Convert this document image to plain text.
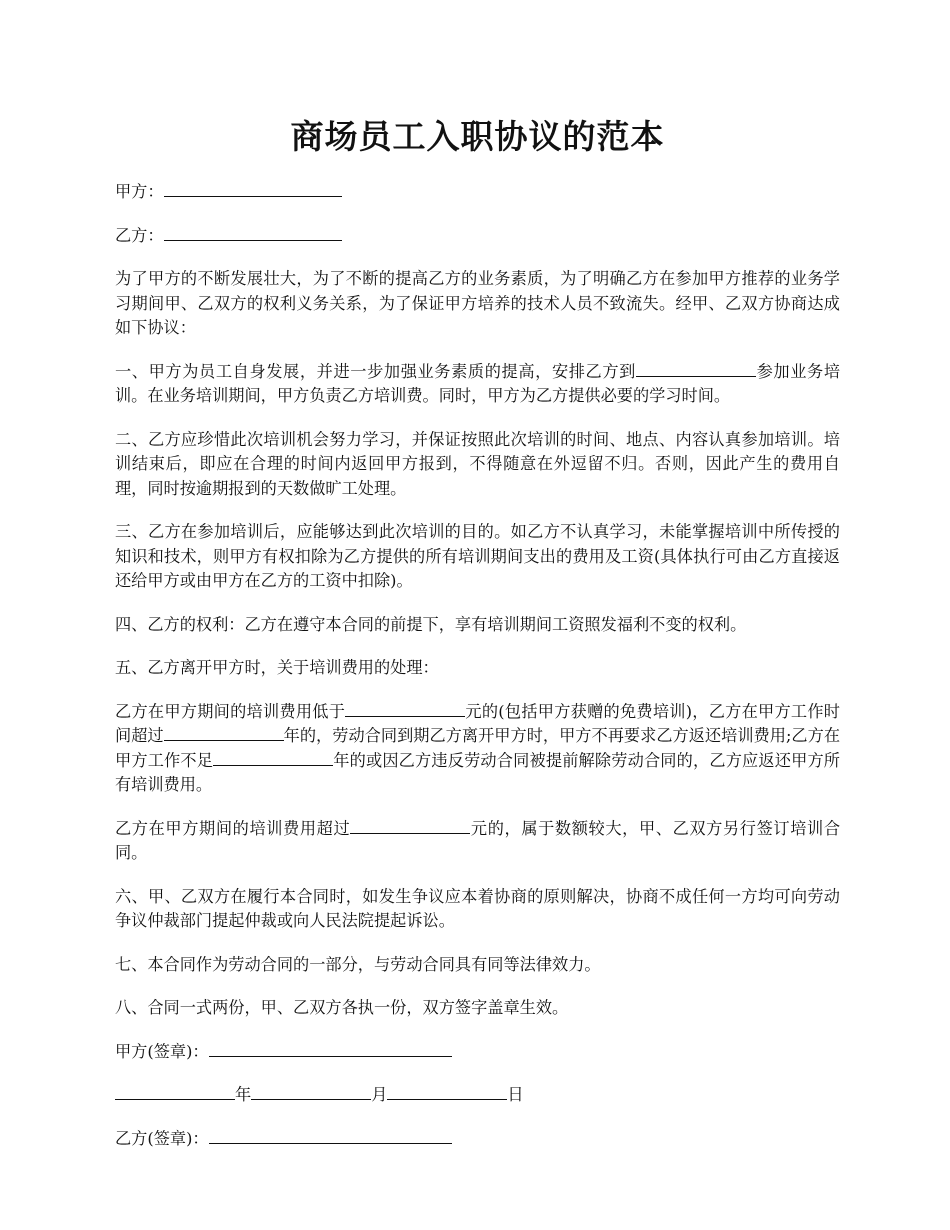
商场员工入职协议的范本

甲方：

乙方：

为了甲方的不断发展壮大，为了不断的提高乙方的业务素质，为了明确乙方在参加甲方推荐的业务学习期间甲、乙双方的权利义务关系，为了保证甲方培养的技术人员不致流失。经甲、乙双方协商达成如下协议：

一、甲方为员工自身发展，并进一步加强业务素质的提高，安排乙方到	参加业务培训。在业务培训期间，甲方负责乙方培训费。同时，甲方为乙方提供必要的学习时间。

二、乙方应珍惜此次培训机会努力学习，并保证按照此次培训的时间、地点、内容认真参加培训。培训结束后，即应在合理的时间内返回甲方报到，不得随意在外逗留不归。否则，因此产生的费用自理，同时按逾期报到的天数做旷工处理。

三、乙方在参加培训后，应能够达到此次培训的目的。如乙方不认真学习，未能掌握培训中所传授的知识和技术，则甲方有权扣除为乙方提供的所有培训期间支出的费用及工资(具体执行可由乙方直接返还给甲方或由甲方在乙方的工资中扣除)。

四、乙方的权利：乙方在遵守本合同的前提下，享有培训期间工资照发福利不变的权利。

五、乙方离开甲方时，关于培训费用的处理：

乙方在甲方期间的培训费用低于	元的(包括甲方获赠的免费培训)，乙方在甲方工作时间超过	年的，劳动合同到期乙方离开甲方时，甲方不再要求乙方返还培训费用;乙方在甲方工作不足	年的或因乙方违反劳动合同被提前解除劳动合同的，乙方应返还甲方所有培训费用。

乙方在甲方期间的培训费用超过	元的，属于数额较大，甲、乙双方另行签订培训合同。

六、甲、乙双方在履行本合同时，如发生争议应本着协商的原则解决，协商不成任何一方均可向劳动争议仲裁部门提起仲裁或向人民法院提起诉讼。

七、本合同作为劳动合同的一部分，与劳动合同具有同等法律效力。

八、合同一式两份，甲、乙双方各执一份，双方签字盖章生效。

甲方(签章)：

年	月	日

乙方(签章)：
